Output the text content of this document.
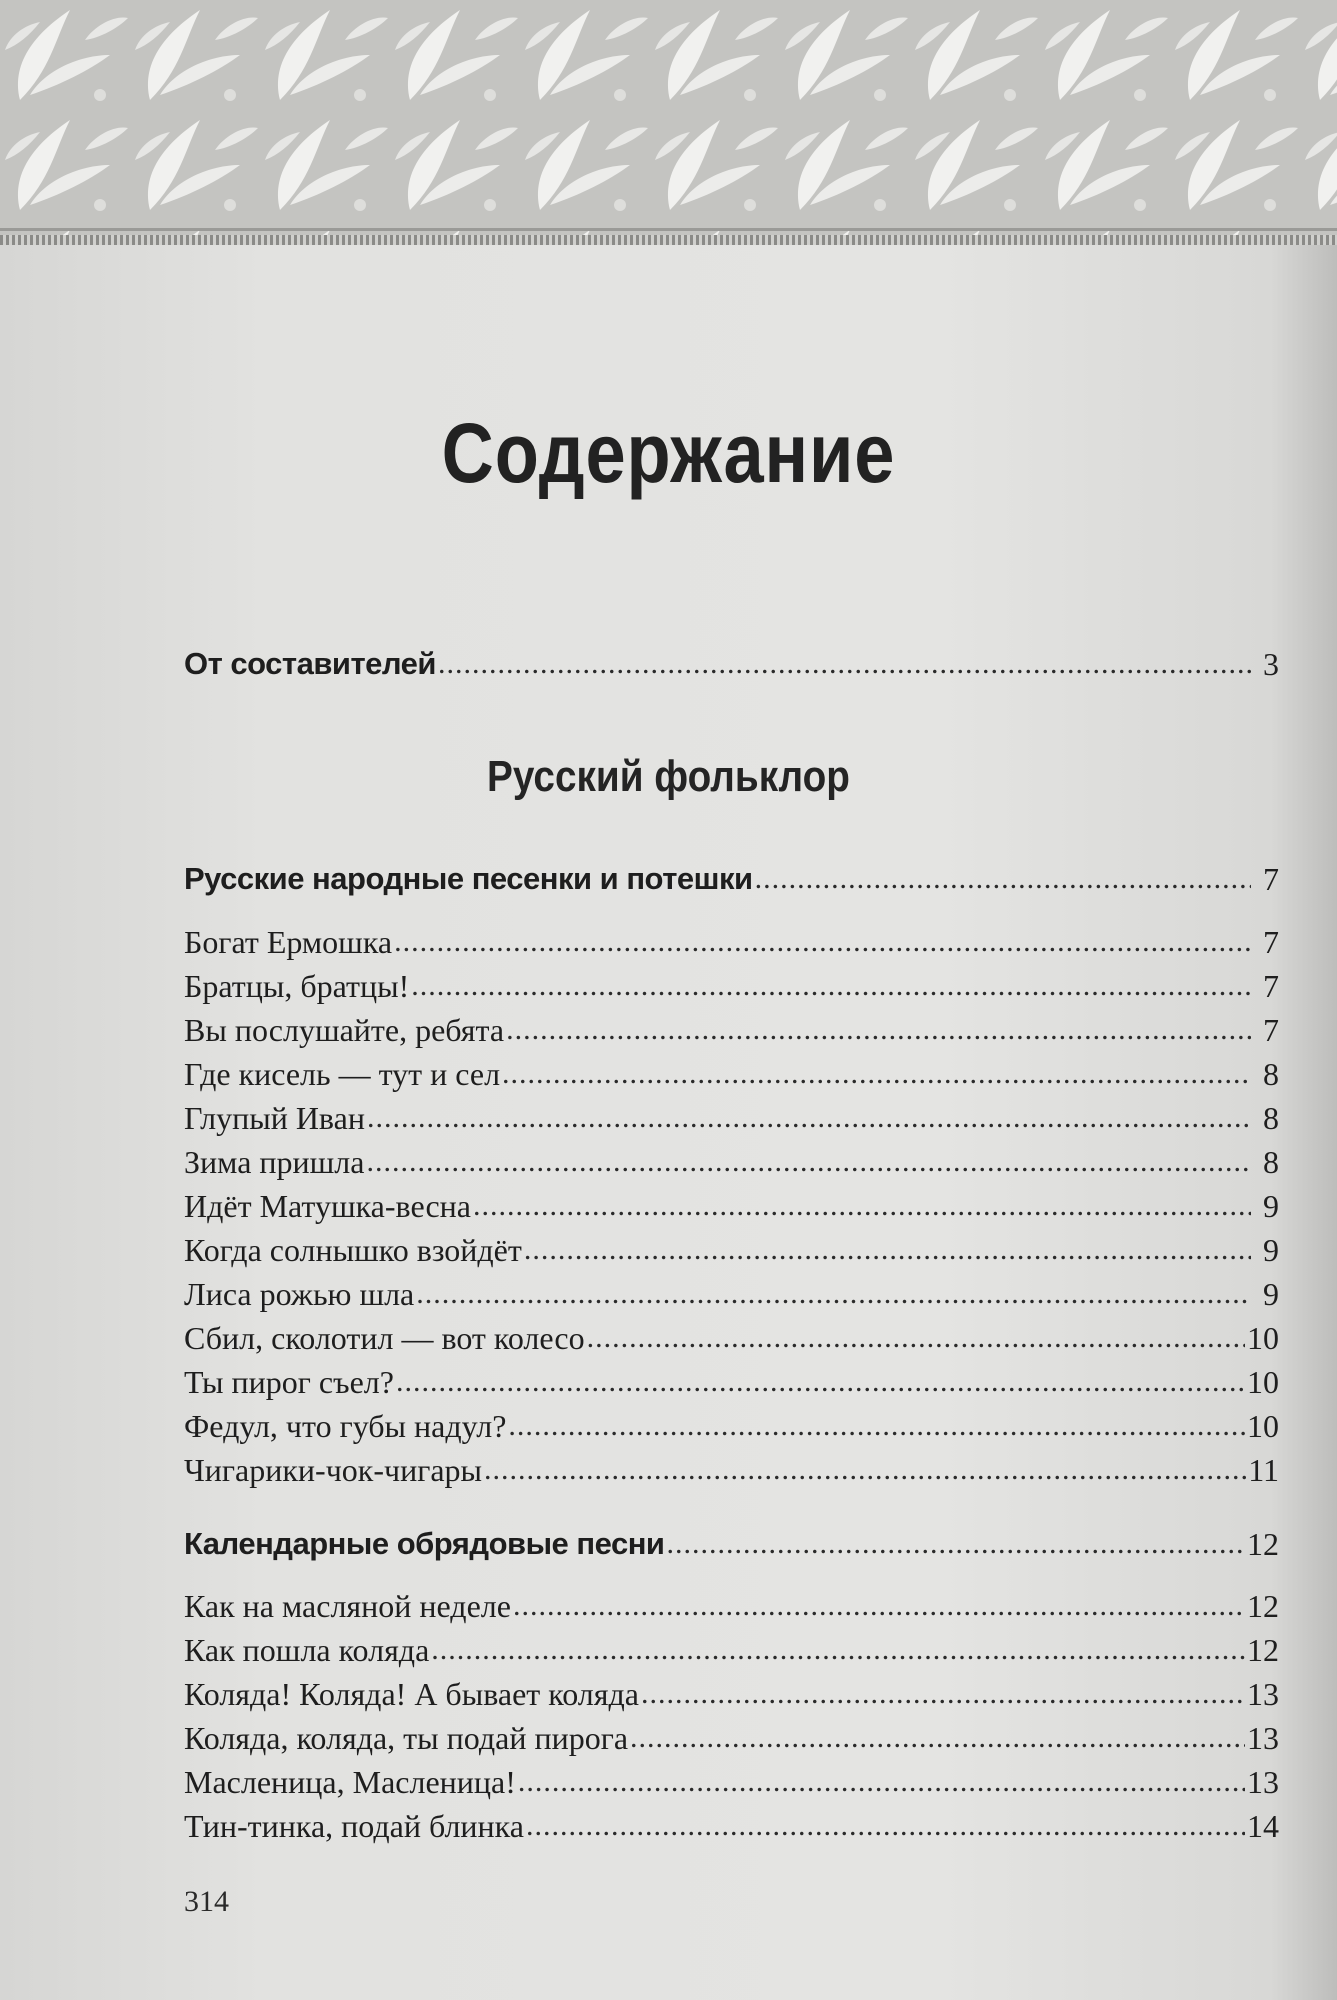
Содержание
От составителей .....	3
Русский фольклор
Русские народные песенки и потешки .....	7
Богат Ермошка .....	7
Братцы, братцы! .....	7
Вы послушайте, ребята .....	7
Где кисель — тут и сел .....	8
Глупый Иван .....	8
Зима пришла .....	8
Идёт Матушка-весна .....	9
Когда солнышко взойдёт .....	9
Лиса рожью шла .....	9
Сбил, сколотил — вот колесо .....	10
Ты пирог съел? .....	10
Федул, что губы надул? .....	10
Чигарики-чок-чигары .....	11
Календарные обрядовые песни .....	12
Как на масляной неделе .....	12
Как пошла коляда .....	12
Коляда! Коляда! А бывает коляда .....	13
Коляда, коляда, ты подай пирога .....	13
Масленица, Масленица! .....	13
Тин-тинка, подай блинка .....	14
314
